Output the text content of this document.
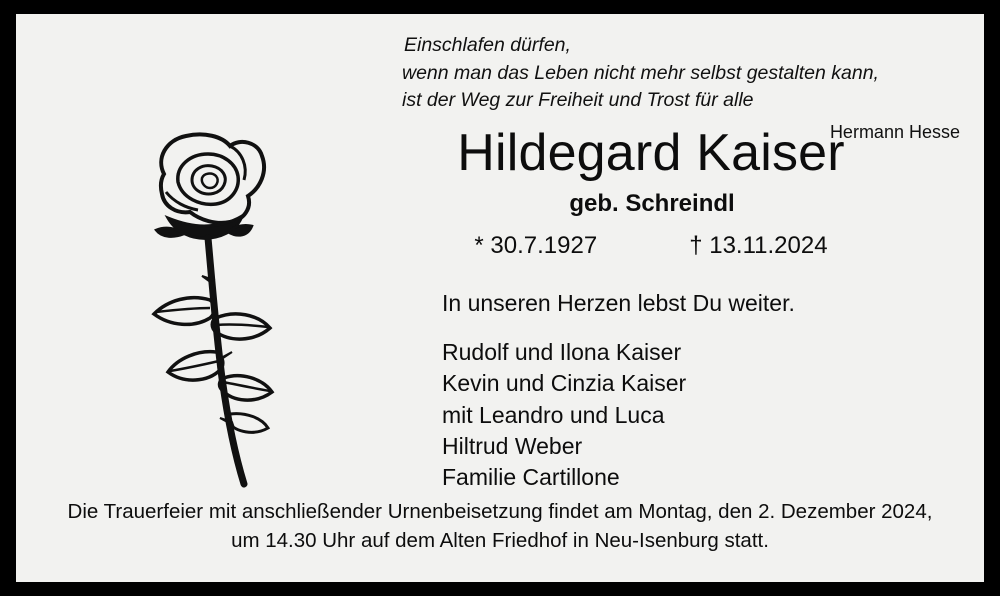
Einschlafen dürfen,
wenn man das Leben nicht mehr selbst gestalten kann,
ist der Weg zur Freiheit und Trost für alle
Hermann Hesse
Hildegard Kaiser
geb. Schreindl
* 30.7.1927	† 13.11.2024
In unseren Herzen lebst Du weiter.
Rudolf und Ilona Kaiser
Kevin und Cinzia Kaiser
mit Leandro und Luca
Hiltrud Weber
Familie Cartillone
Die Trauerfeier mit anschließender Urnenbeisetzung findet am Montag, den 2. Dezember 2024,
um 14.30 Uhr auf dem Alten Friedhof in Neu-Isenburg statt.
